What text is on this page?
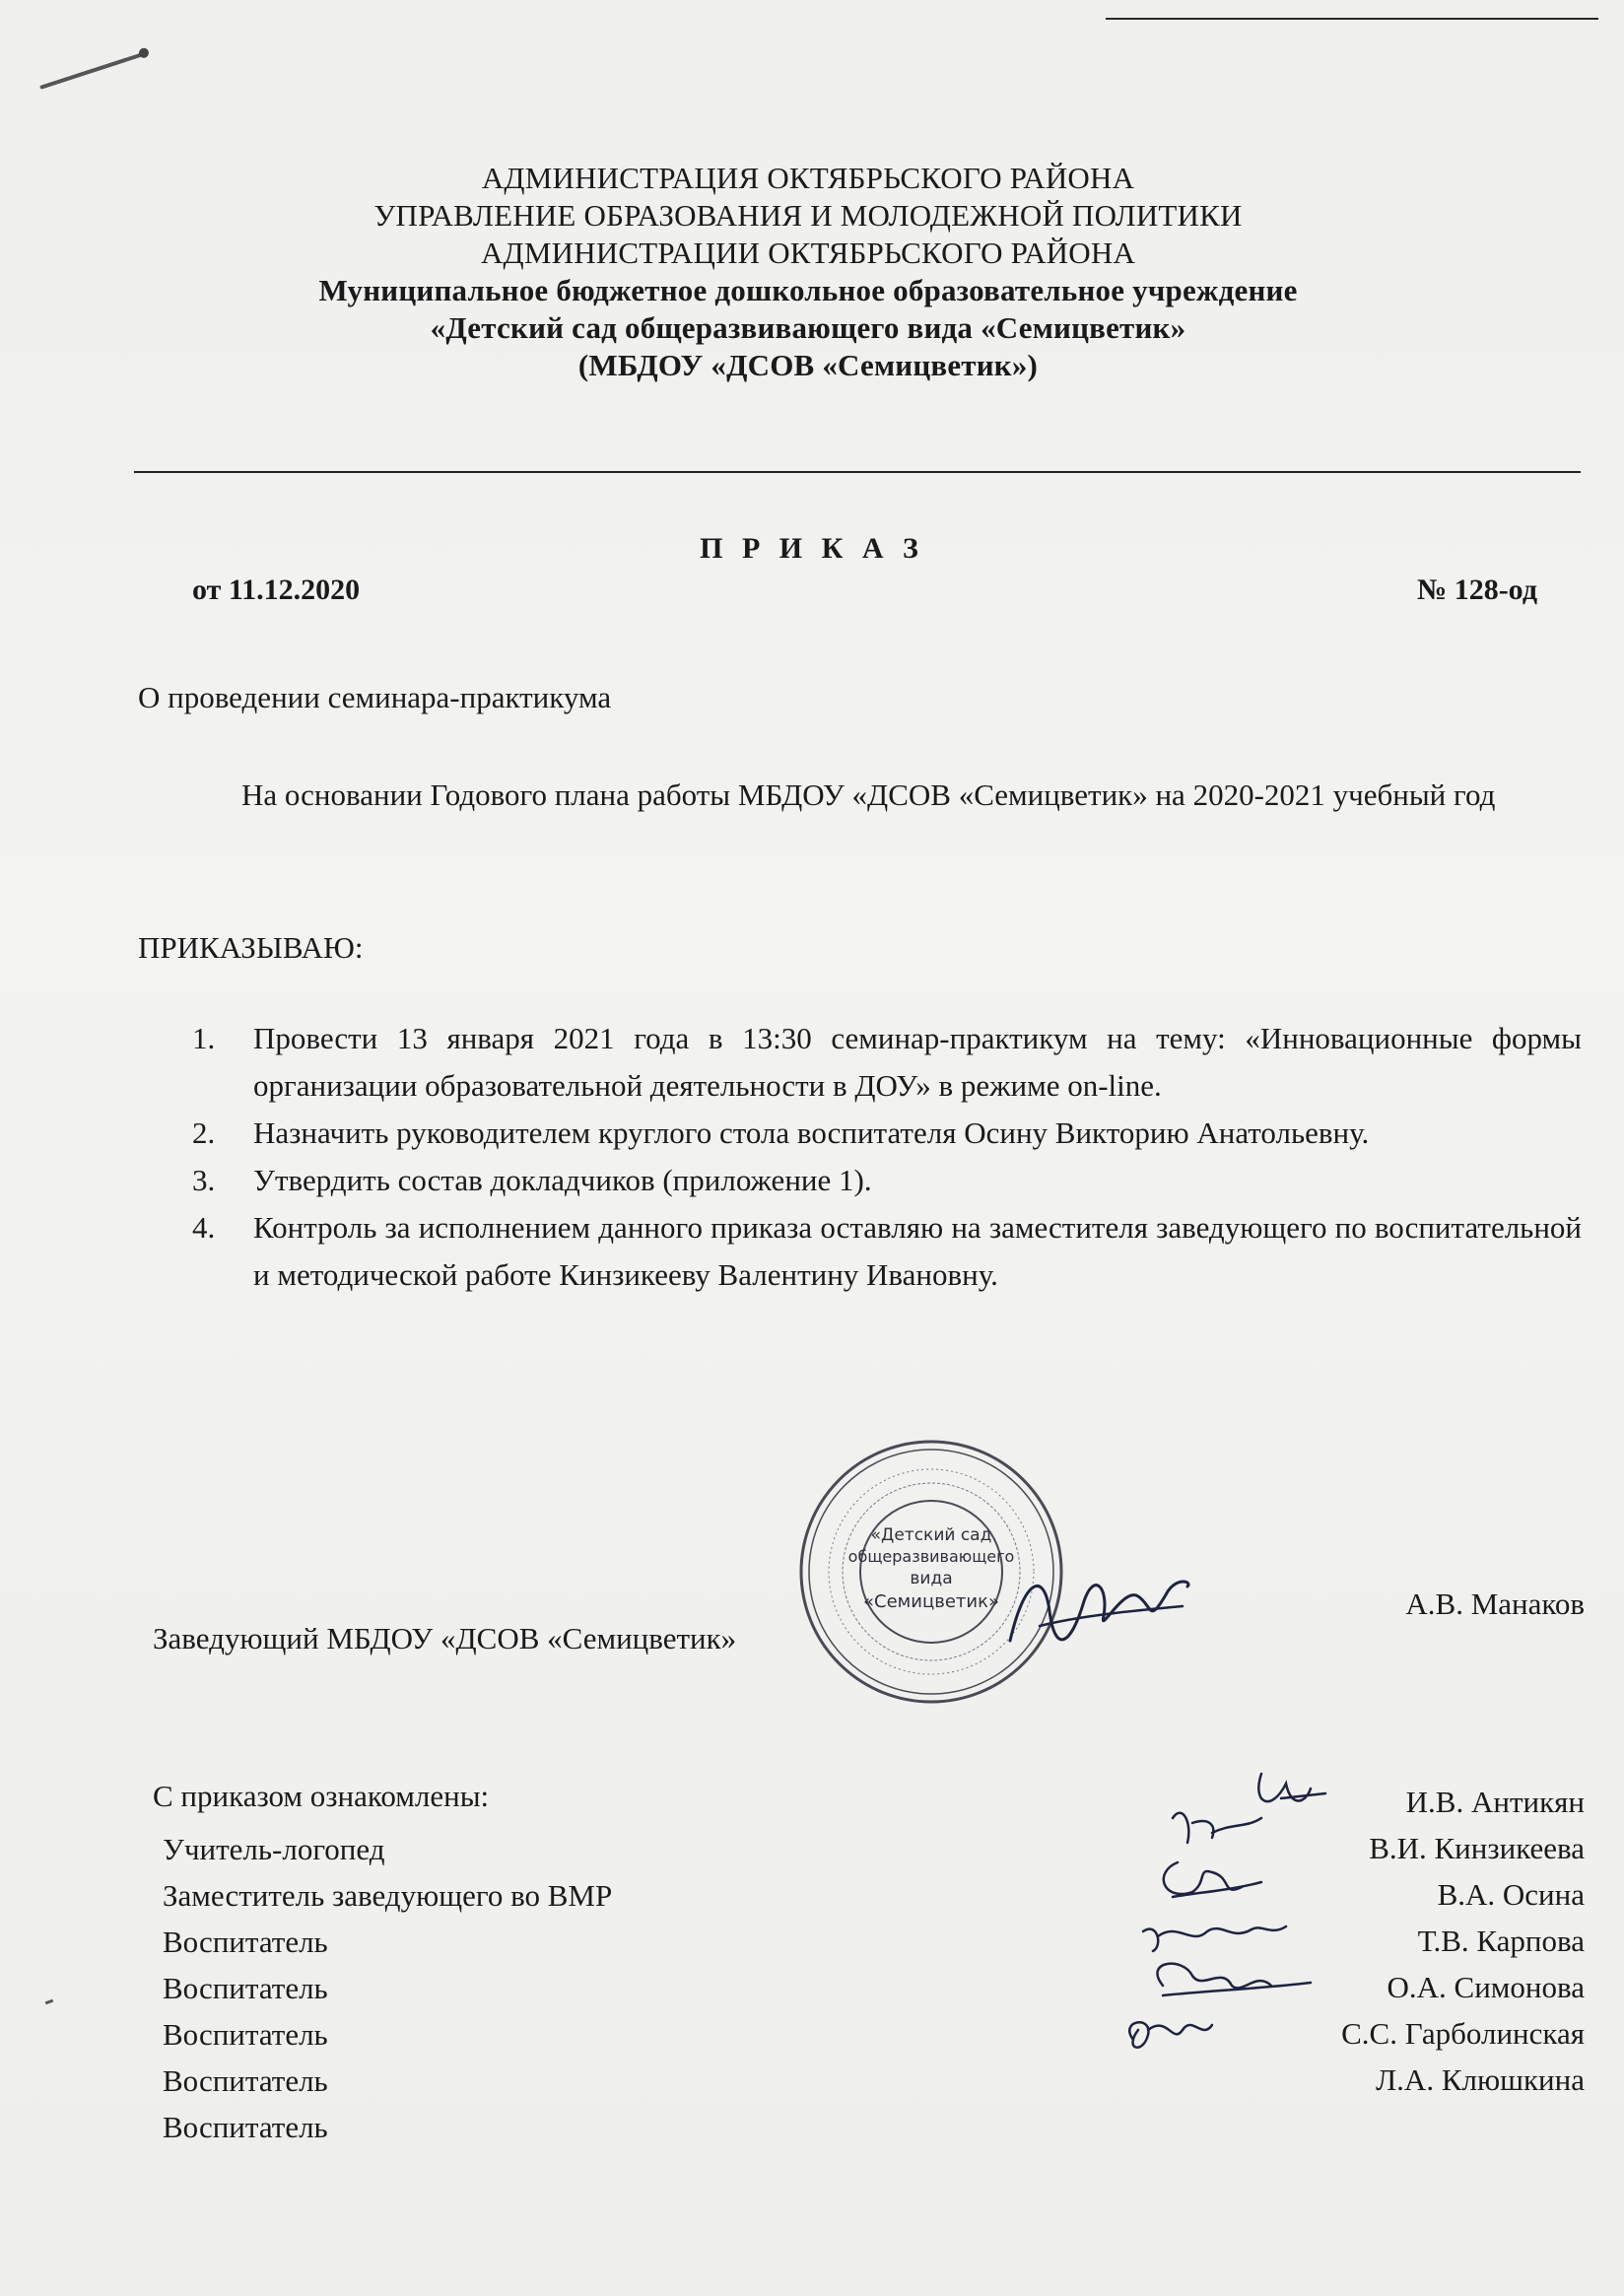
АДМИНИСТРАЦИЯ ОКТЯБРЬСКОГО РАЙОНА
УПРАВЛЕНИЕ ОБРАЗОВАНИЯ И МОЛОДЕЖНОЙ ПОЛИТИКИ
АДМИНИСТРАЦИИ ОКТЯБРЬСКОГО РАЙОНА
Муниципальное бюджетное дошкольное образовательное учреждение
«Детский сад общеразвивающего вида «Семицветик»
(МБДОУ «ДСОВ «Семицветик»)
П Р И К А З
от 11.12.2020	№ 128-од
О проведении семинара-практикума
На основании Годового плана работы МБДОУ «ДСОВ «Семицветик» на 2020-2021 учебный год
ПРИКАЗЫВАЮ:
1. Провести 13 января 2021 года в 13:30 семинар-практикум на тему: «Инновационные формы организации образовательной деятельности в ДОУ» в режиме on-line.
2. Назначить руководителем круглого стола воспитателя Осину Викторию Анатольевну.
3. Утвердить состав докладчиков (приложение 1).
4. Контроль за исполнением данного приказа оставляю на заместителя заведующего по воспитательной и методической работе Кинзикееву Валентину Ивановну.
«Детский сад
общеразвивающего
вида
«Семицветик»
Заведующий МБДОУ «ДСОВ «Семицветик»
А.В. Манаков
С приказом ознакомлены:
Учитель-логопед
Заместитель заведующего во ВМР
Воспитатель
Воспитатель
Воспитатель
Воспитатель
Воспитатель
И.В. Антикян
В.И. Кинзикеева
В.А. Осина
Т.В. Карпова
О.А. Симонова
С.С. Гарболинская
Л.А. Клюшкина
